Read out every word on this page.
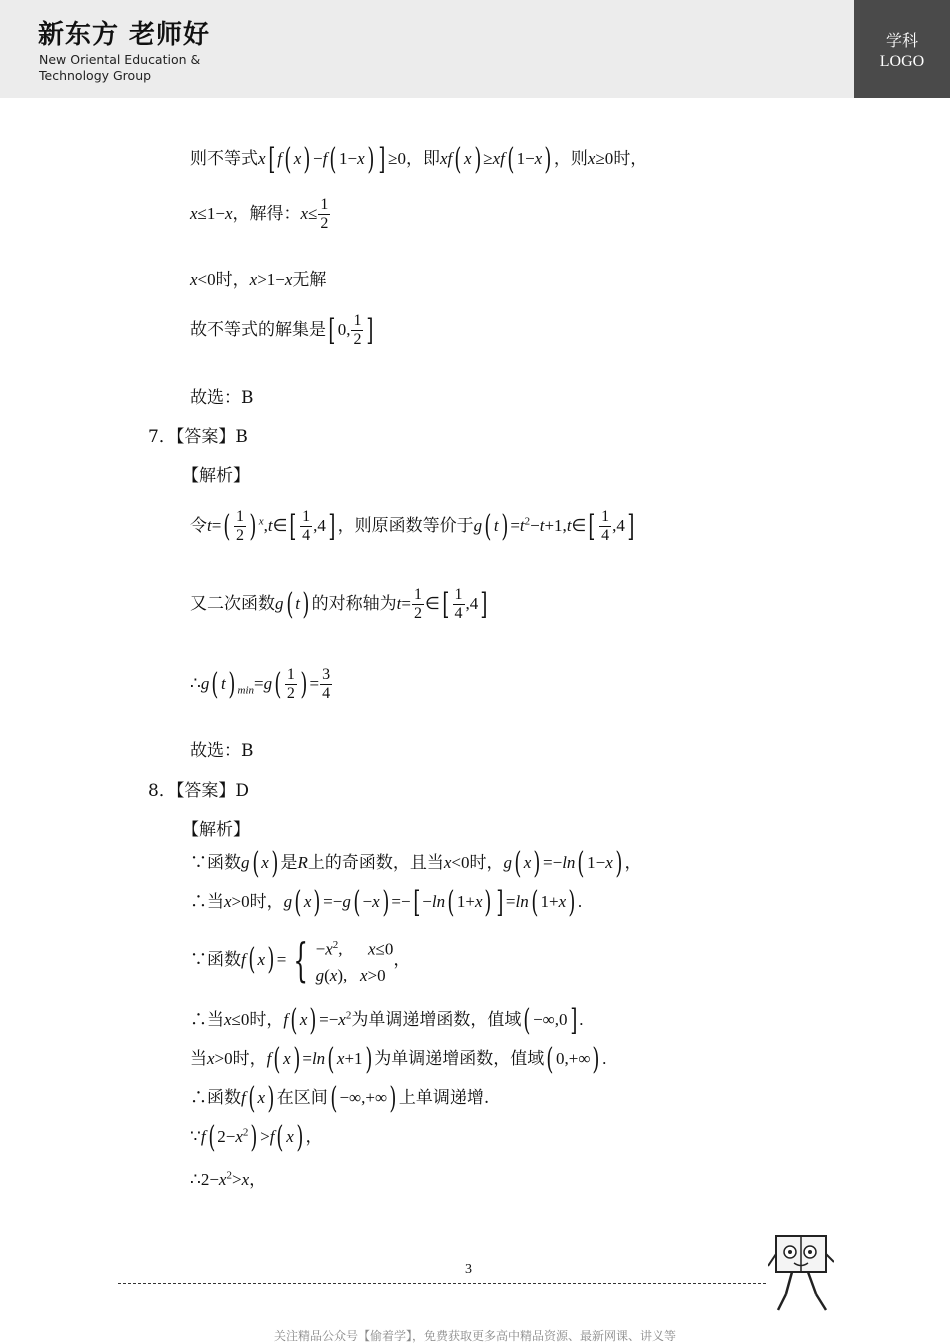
新东方 老师好
New Oriental Education &
Technology Group
学科
LOGO
则不等式x[ f( x) −f( 1−x) ] ≥0，即xf( x) ≥xf( 1−x) ，则x≥0时，
x≤1−x，解得：$x\le \frac{1}{2}$
x<0时，x>1−x无解
故不等式的解集是[ 0, $\frac{1}{2}$ ]
故选：B
7．【答案】B
【解析】
令$t=( \frac{1}{2}$ ) $^x$,t∈[ $\frac{1}{4} ,4$] ，则原函数等价于g( $t) =t^2-t+1,t\in[ \frac{1}{4} ,4]$
又二次函数g( t) 的对称轴为$t= \frac{1}{2}$ ∈[ $\frac{1}{4} ,4$]
∴g( t) $_{min}=g( \frac{1}{2}$ ) = $\frac{3}{4}$
故选：B
8．【答案】D
【解析】
∵函数g( x) 是R上的奇函数，且当x<0时，g( x) =−ln( 1−x) ，
∴当x>0时，g( x) =−g( −x) =−[ −ln( 1+x) ] =ln( 1+x) .
∵函数f( x) = { $-x^2$, x≤0
g(x), x>0
，
∴当x≤0时，f( $x) =-x^2$为单调递增函数，值域( −∞,0] .
当x>0时，f( x) =ln( x+1) 为单调递增函数，值域( 0,+∞) .
∴函数f( x) 在区间( −∞,+∞) 上单调递增.
∵f( $2-x^2) >f$( x) ，
$\therefore 2-x^2>x$，
3
关注精品公众号【偷着学】，免费获取更多高中精品资源、最新网课、讲义等
